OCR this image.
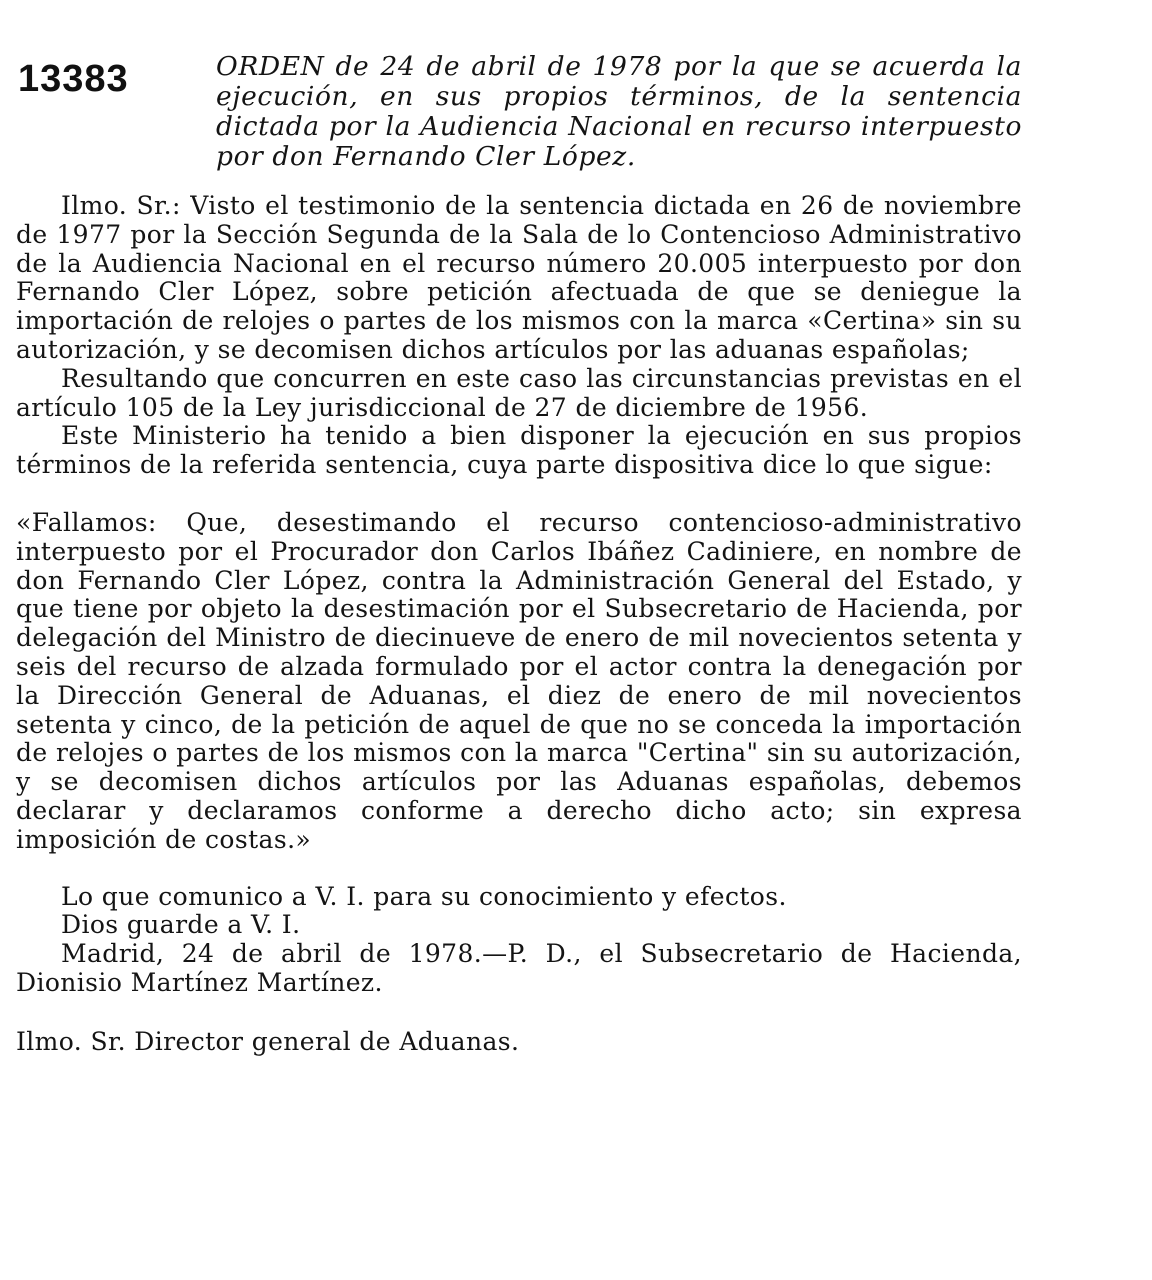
13383	ORDEN de 24 de abril de 1978 por la que se acuerda la ejecución, en sus propios términos, de la sentencia dictada por la Audiencia Nacional en recurso interpuesto por don Fernando Cler López.

Ilmo. Sr.: Visto el testimonio de la sentencia dictada en 26 de noviembre de 1977 por la Sección Segunda de la Sala de lo Contencioso Administrativo de la Audiencia Nacional en el recurso número 20.005 interpuesto por don Fernando Cler López, sobre petición afectuada de que se deniegue la importación de relojes o partes de los mismos con la marca «Certina» sin su autorización, y se decomisen dichos artículos por las aduanas españolas;

Resultando que concurren en este caso las circunstancias previstas en el artículo 105 de la Ley jurisdiccional de 27 de diciembre de 1956.

Este Ministerio ha tenido a bien disponer la ejecución en sus propios términos de la referida sentencia, cuya parte dispositiva dice lo que sigue:

«Fallamos: Que, desestimando el recurso contencioso-administrativo interpuesto por el Procurador don Carlos Ibáñez Cadiniere, en nombre de don Fernando Cler López, contra la Administración General del Estado, y que tiene por objeto la desestimación por el Subsecretario de Hacienda, por delegación del Ministro de diecinueve de enero de mil novecientos setenta y seis del recurso de alzada formulado por el actor contra la denegación por la Dirección General de Aduanas, el diez de enero de mil novecientos setenta y cinco, de la petición de aquel de que no se conceda la importación de relojes o partes de los mismos con la marca "Certina" sin su autorización, y se decomisen dichos artículos por las Aduanas españolas, debemos declarar y declaramos conforme a derecho dicho acto; sin expresa imposición de costas.»

Lo que comunico a V. I. para su conocimiento y efectos.

Dios guarde a V. I.

Madrid, 24 de abril de 1978.—P. D., el Subsecretario de Hacienda, Dionisio Martínez Martínez.

Ilmo. Sr. Director general de Aduanas.
